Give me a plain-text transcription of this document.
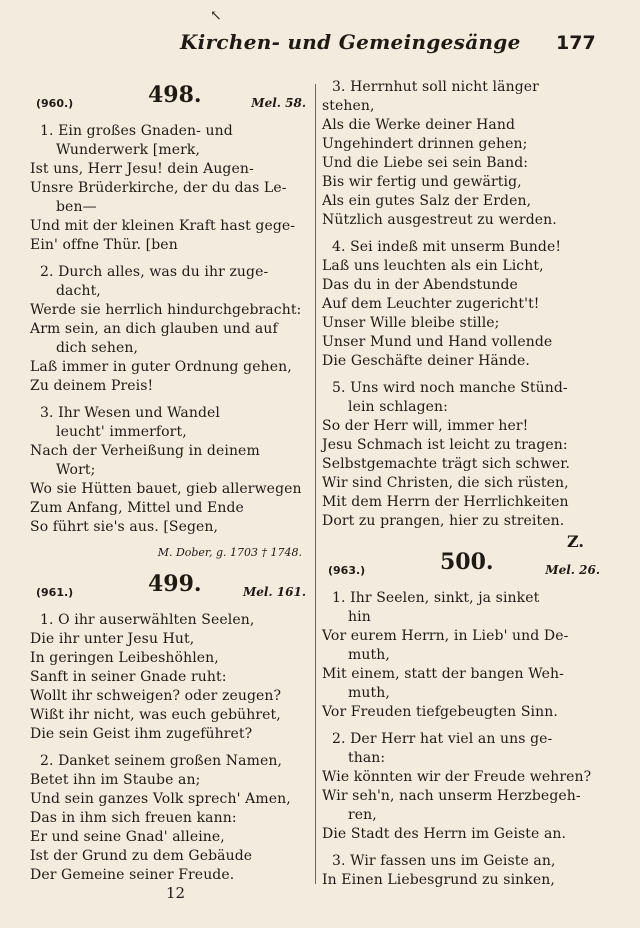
↖
Kirchen- und Gemeingesänge 177
(960.)	498.	Mel. 58.
1. Ein großes Gnaden- und
Wunderwerk [merk,
Ist uns, Herr Jesu! dein Augen-
Unsre Brüderkirche, der du das Le-
ben—
Und mit der kleinen Kraft hast gege-
Ein' offne Thür. [ben
2. Durch alles, was du ihr zuge-
dacht,
Werde sie herrlich hindurchgebracht:
Arm sein, an dich glauben und auf
dich sehen,
Laß immer in guter Ordnung gehen,
Zu deinem Preis!
3. Ihr Wesen und Wandel
leucht' immerfort,
Nach der Verheißung in deinem
Wort;
Wo sie Hütten bauet, gieb allerwegen
Zum Anfang, Mittel und Ende
So führt sie's aus. [Segen,
M. Dober, g. 1703 † 1748.
(961.)	499.	Mel. 161.
1. O ihr auserwählten Seelen,
Die ihr unter Jesu Hut,
In geringen Leibeshöhlen,
Sanft in seiner Gnade ruht:
Wollt ihr schweigen? oder zeugen?
Wißt ihr nicht, was euch gebühret,
Die sein Geist ihm zugeführet?
2. Danket seinem großen Namen,
Betet ihn im Staube an;
Und sein ganzes Volk sprech' Amen,
Das in ihm sich freuen kann:
Er und seine Gnad' alleine,
Ist der Grund zu dem Gebäude
Der Gemeine seiner Freude.
3. Herrnhut soll nicht länger
stehen,
Als die Werke deiner Hand
Ungehindert drinnen gehen;
Und die Liebe sei sein Band:
Bis wir fertig und gewärtig,
Als ein gutes Salz der Erden,
Nützlich ausgestreut zu werden.
4. Sei indeß mit unserm Bunde!
Laß uns leuchten als ein Licht,
Das du in der Abendstunde
Auf dem Leuchter zugericht't!
Unser Wille bleibe stille;
Unser Mund und Hand vollende
Die Geschäfte deiner Hände.
5. Uns wird noch manche Stünd-
lein schlagen:
So der Herr will, immer her!
Jesu Schmach ist leicht zu tragen:
Selbstgemachte trägt sich schwer.
Wir sind Christen, die sich rüsten,
Mit dem Herrn der Herrlichkeiten
Dort zu prangen, hier zu streiten.
Z.
(963.)	500.	Mel. 26.
1. Ihr Seelen, sinkt, ja sinket
hin
Vor eurem Herrn, in Lieb' und De-
muth,
Mit einem, statt der bangen Weh-
muth,
Vor Freuden tiefgebeugten Sinn.
2. Der Herr hat viel an uns ge-
than:
Wie könnten wir der Freude wehren?
Wir seh'n, nach unserm Herzbegeh-
ren,
Die Stadt des Herrn im Geiste an.
3. Wir fassen uns im Geiste an,
In Einen Liebesgrund zu sinken,
12
